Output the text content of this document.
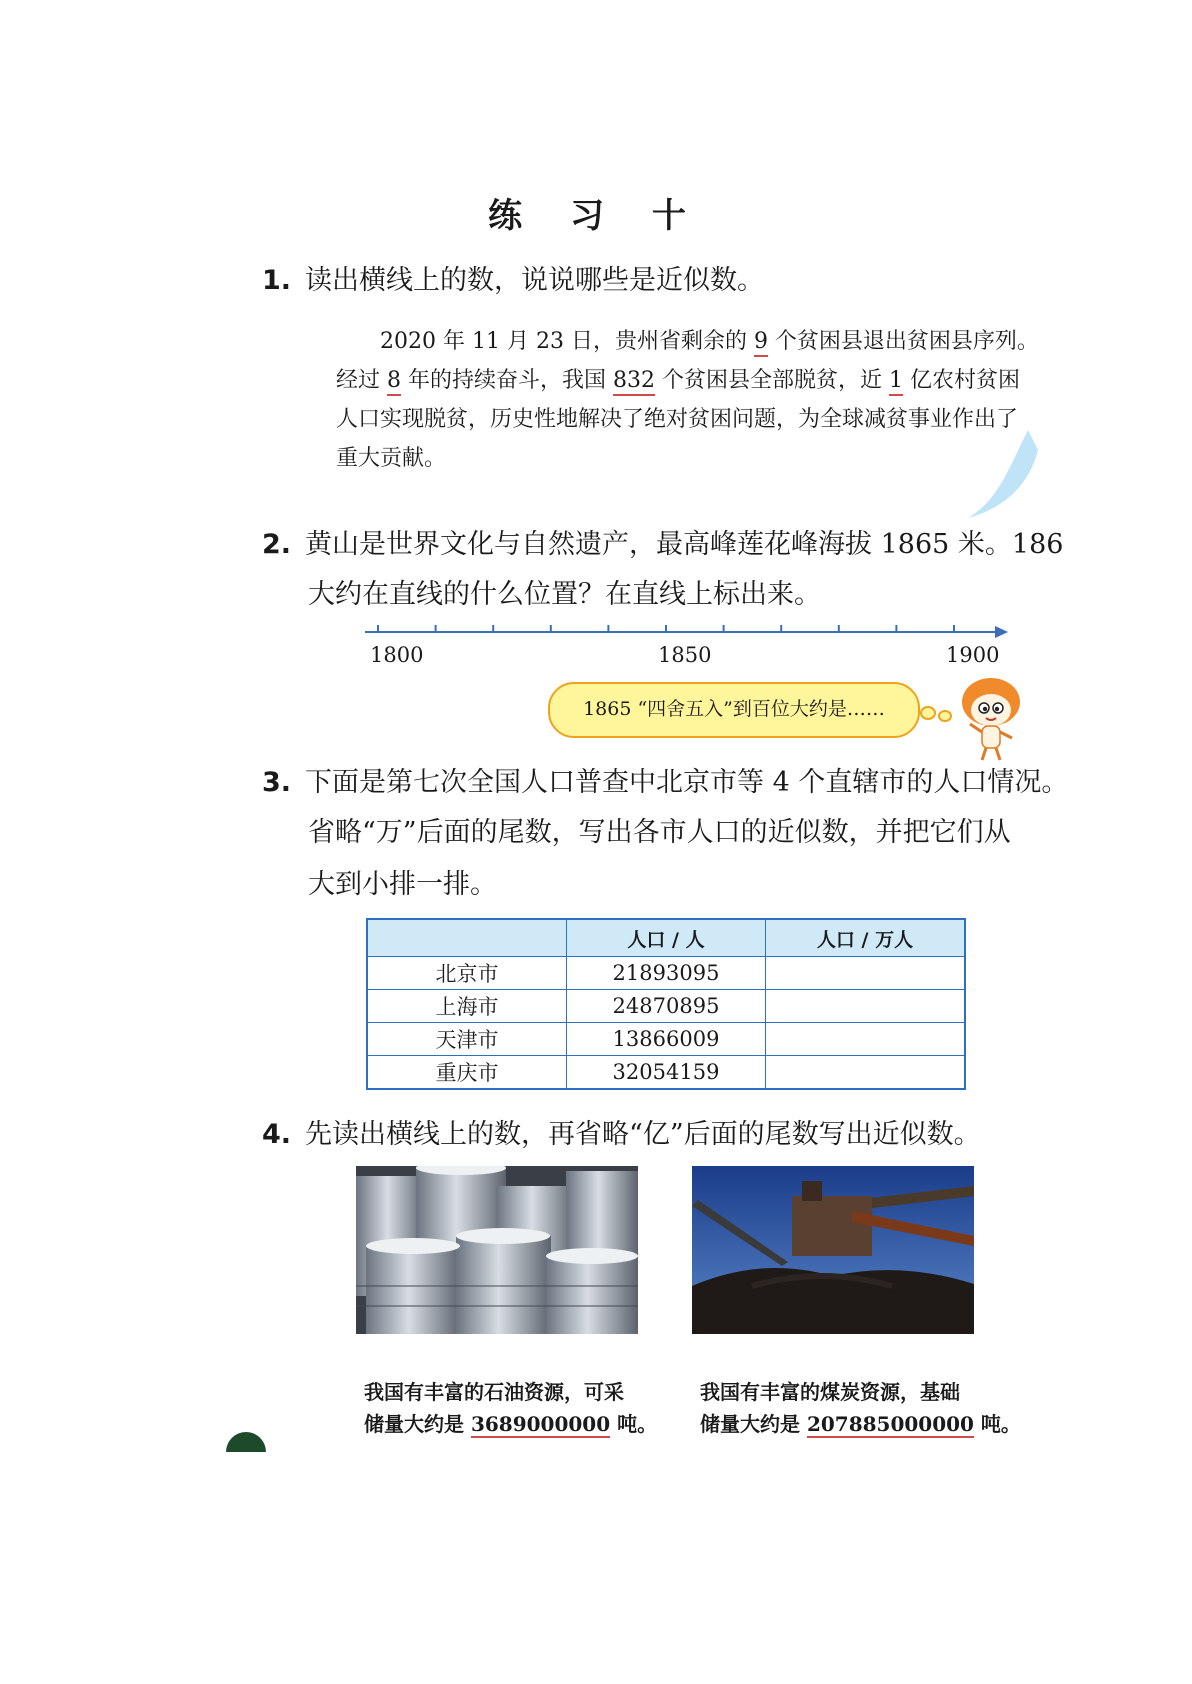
练 习 十
1. 读出横线上的数，说说哪些是近似数。

2020 年 11 月 23 日，贵州省剩余的 9 个贫困县退出贫困县序列。

经过 8 年的持续奋斗，我国 832 个贫困县全部脱贫，近 1 亿农村贫困

人口实现脱贫，历史性地解决了绝对贫困问题，为全球减贫事业作出了

重大贡献。

2. 黄山是世界文化与自然遗产，最高峰莲花峰海拔 1865 米。186
大约在直线的什么位置？在直线上标出来。
1800	1850	1900
1865 “四舍五入”到百位大约是……
3. 下面是第七次全国人口普查中北京市等 4 个直辖市的人口情况。
省略“万”后面的尾数，写出各市人口的近似数，并把它们从
大到小排一排。
	人口 / 人	人口 / 万人
北京市	21893095	
上海市	24870895	
天津市	13866009	
重庆市	32054159	
4. 先读出横线上的数，再省略“亿”后面的尾数写出近似数。
我国有丰富的石油资源，可采
储量大约是 3689000000 吨。
我国有丰富的煤炭资源，基础
储量大约是 207885000000 吨。
